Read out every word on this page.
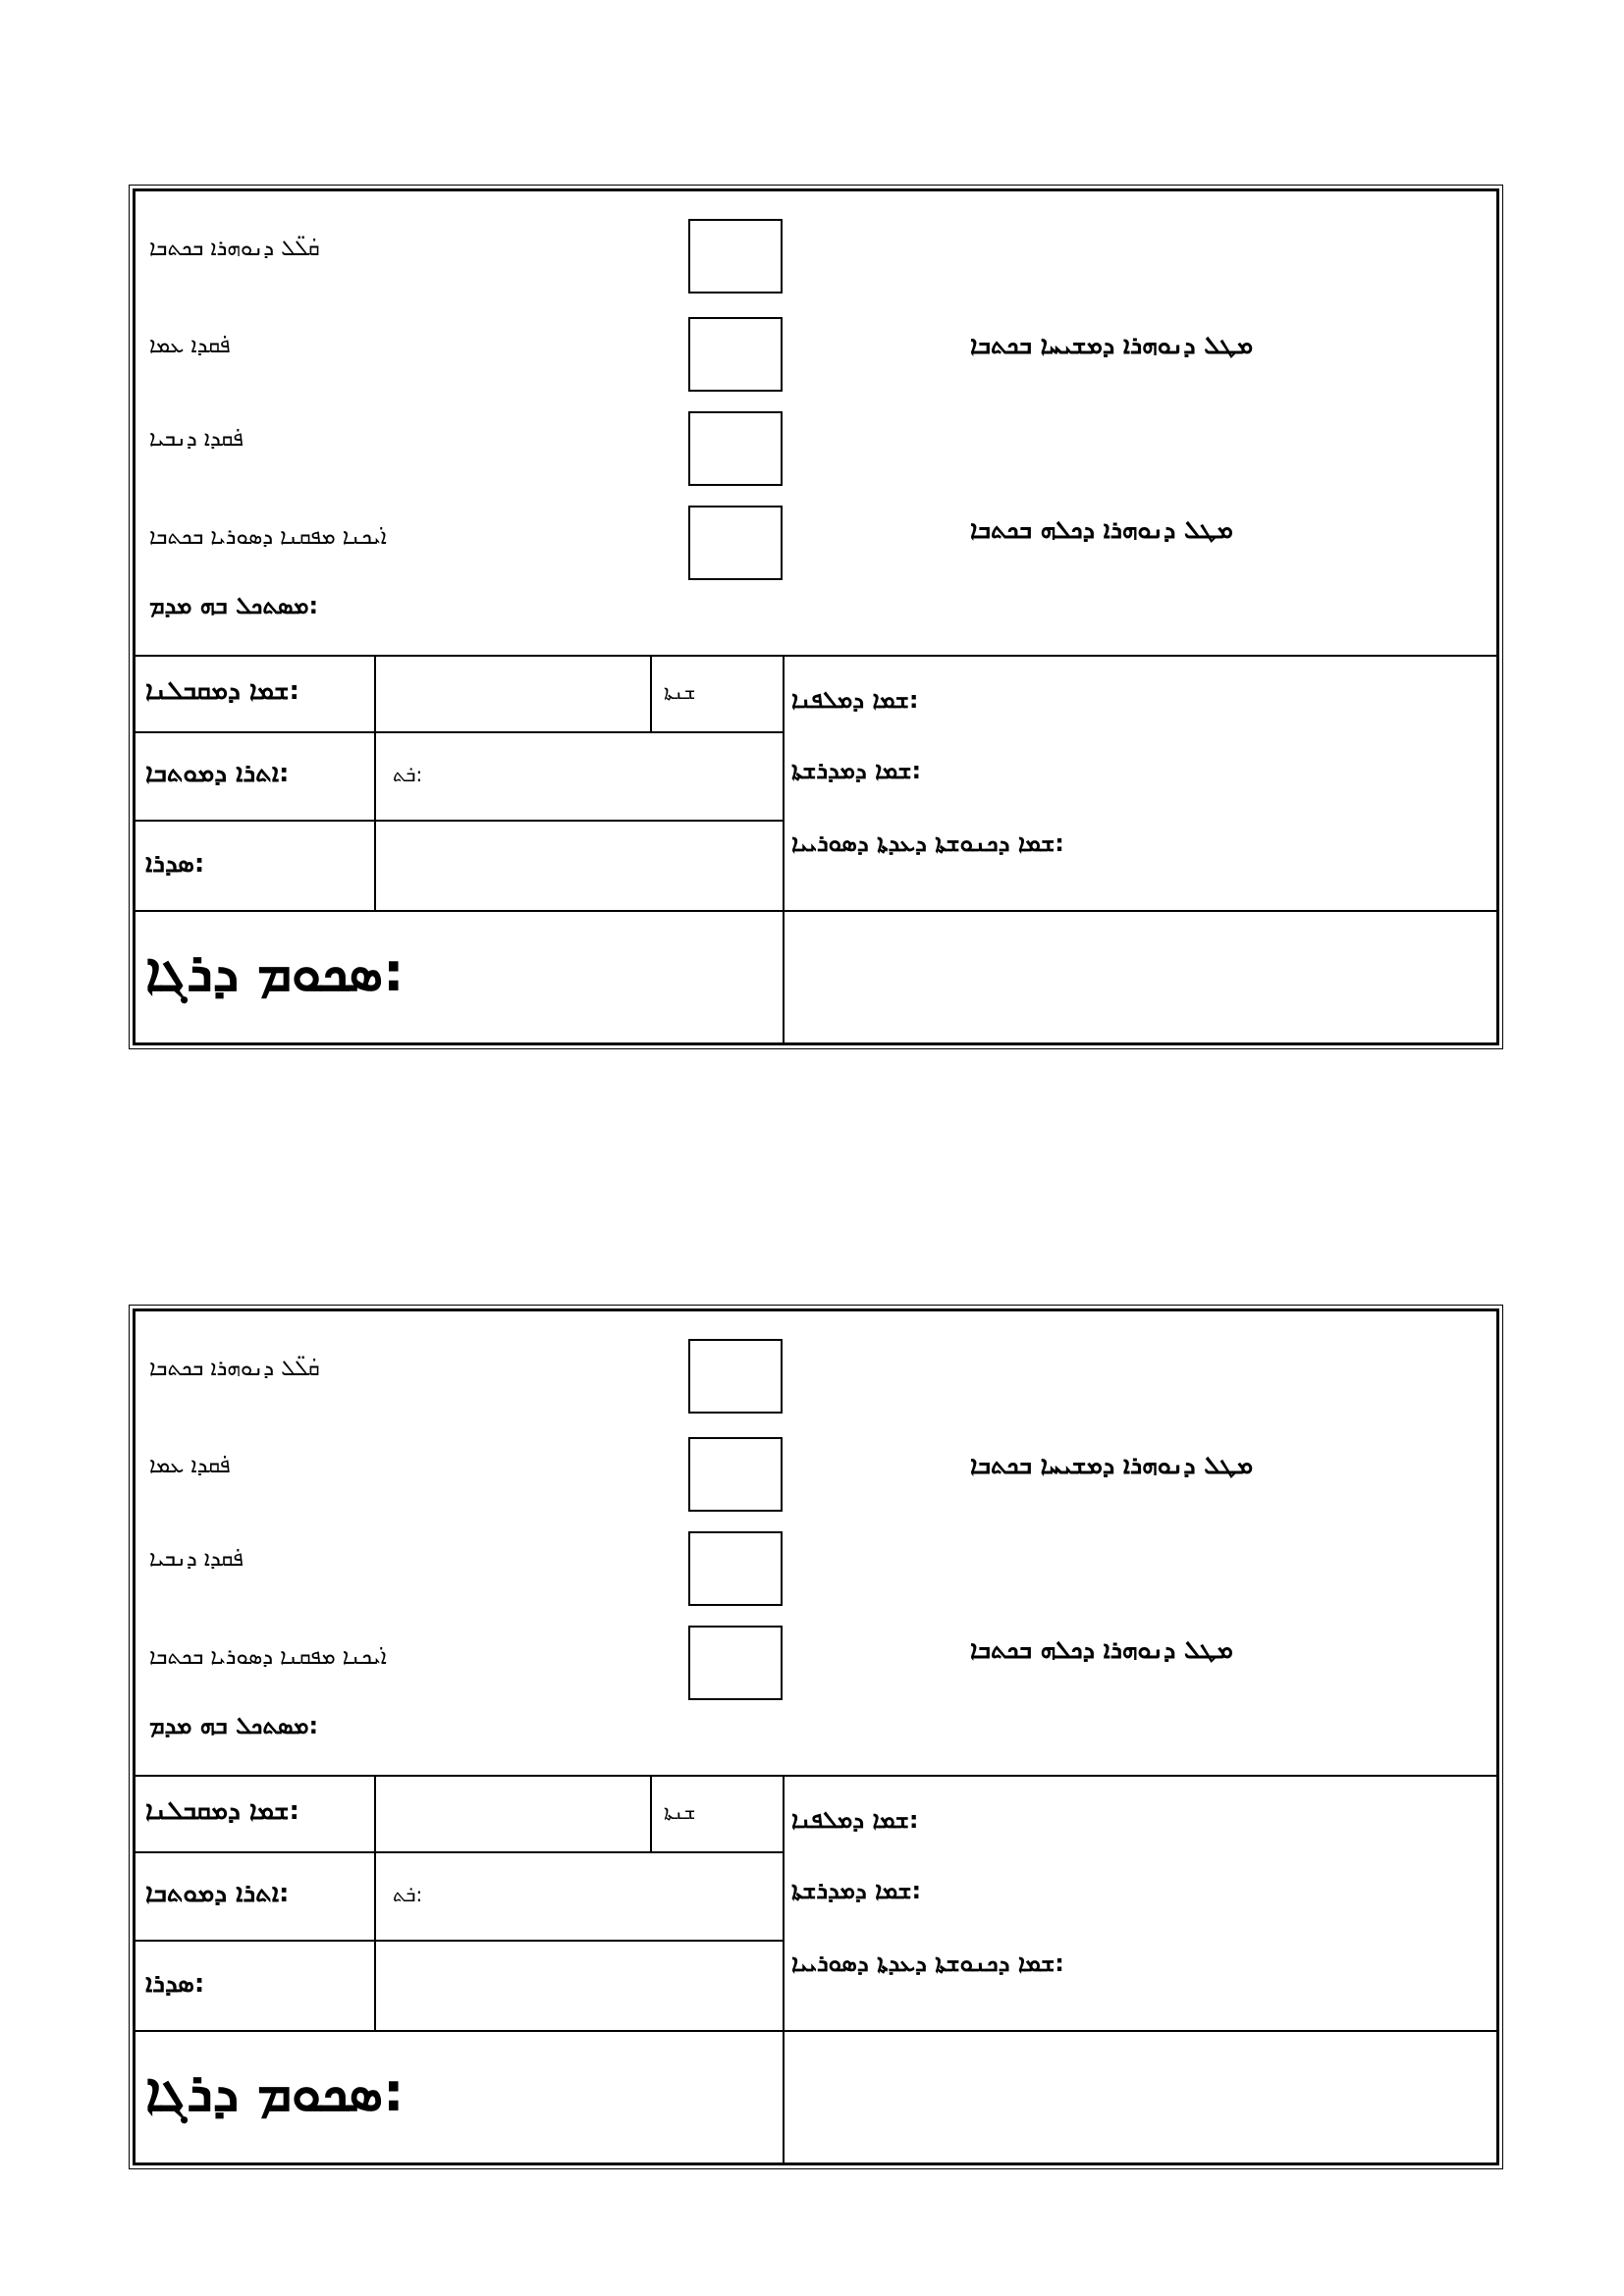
ܩܠ̈ܠ ܕܢܘܗܪܐ ܒܟܬܒܐ ̇
ܦܩܕܐ ܥܡܐ ̇
ܦܩܕܐ ܕܢܒܝܐ ̇
ܐܝܟܢܐ ܡܦܩܢܐ ܕܣܘܪܝܐ ܒܟܬܒܐ ̇
ܡܛܠ ܕܢܘܗܪܐ ܕܡܫܝܚܐ ܒܟܬܒܐ
ܡܛܠ ܕܢܘܗܪܐ ܕܟܠܗ ܒܟܬܒܐ
ܡܣܬܟܠ ܒܗ ܡܕܡ:
ܫܡܐ ܕܡܩܒܠܢܐ:	ܫܢܬܐ
ܐܬܪܐ ܕܡܘܬܒܐ:	ܒ̇ܬ:
ܣܕܪܐ:
ܫܡܐ ܕܡܠܦܢܐ:
ܫܡܐ ܕܡܕܪܫܬܐ:
ܫܡܐ ܕܟܢܘܫܬܐ ܕܥܕܬܐ ܕܣܘܪܝܝܐ:
ܣܟܘܡ ܕܪܓܐ:
ܩܠ̈ܠ ܕܢܘܗܪܐ ܒܟܬܒܐ ̇
ܦܩܕܐ ܥܡܐ ̇
ܦܩܕܐ ܕܢܒܝܐ ̇
ܐܝܟܢܐ ܡܦܩܢܐ ܕܣܘܪܝܐ ܒܟܬܒܐ ̇
ܡܛܠ ܕܢܘܗܪܐ ܕܡܫܝܚܐ ܒܟܬܒܐ
ܡܛܠ ܕܢܘܗܪܐ ܕܟܠܗ ܒܟܬܒܐ
ܡܣܬܟܠ ܒܗ ܡܕܡ:
ܫܡܐ ܕܡܩܒܠܢܐ:	ܫܢܬܐ
ܐܬܪܐ ܕܡܘܬܒܐ:	ܒ̇ܬ:
ܣܕܪܐ:
ܫܡܐ ܕܡܠܦܢܐ:
ܫܡܐ ܕܡܕܪܫܬܐ:
ܫܡܐ ܕܟܢܘܫܬܐ ܕܥܕܬܐ ܕܣܘܪܝܝܐ:
ܣܟܘܡ ܕܪܓܐ:
